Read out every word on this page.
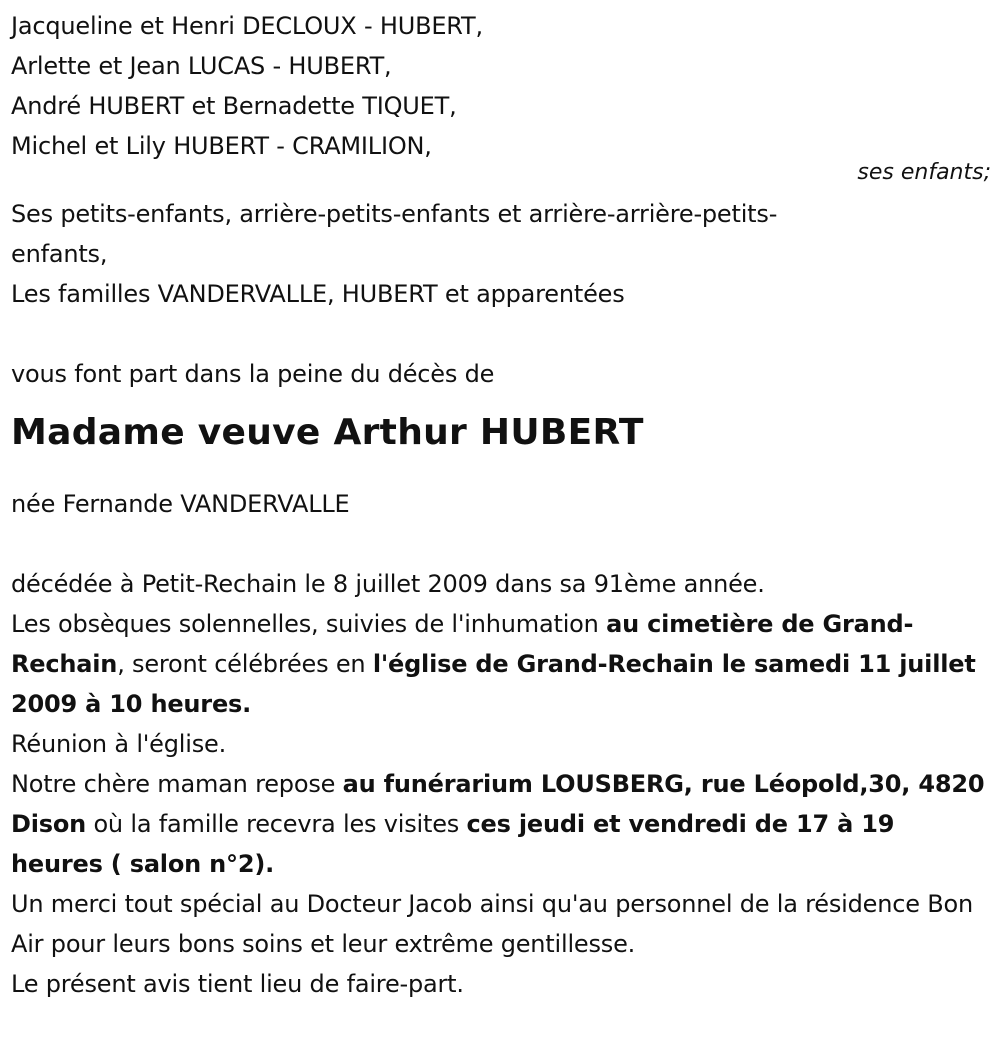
Jacqueline et Henri DECLOUX - HUBERT,
Arlette et Jean LUCAS - HUBERT,
André HUBERT et Bernadette TIQUET,
Michel et Lily HUBERT - CRAMILION,
ses enfants;
Ses petits-enfants, arrière-petits-enfants et arrière-arrière-petits-
enfants,
Les familles VANDERVALLE, HUBERT et apparentées
vous font part dans la peine du décès de
Madame veuve Arthur HUBERT
née Fernande VANDERVALLE
décédée à Petit-Rechain le 8 juillet 2009 dans sa 91ème année.
Les obsèques solennelles, suivies de l'inhumation au cimetière de Grand-Rechain, seront célébrées en l'église de Grand-Rechain le samedi 11 juillet 2009 à 10 heures.
Réunion à l'église.
Notre chère maman repose au funérarium LOUSBERG, rue Léopold,30, 4820 Dison où la famille recevra les visites ces jeudi et vendredi de 17 à 19 heures ( salon n°2).
Un merci tout spécial au Docteur Jacob ainsi qu'au personnel de la résidence Bon Air pour leurs bons soins et leur extrême gentillesse.
Le présent avis tient lieu de faire-part.
